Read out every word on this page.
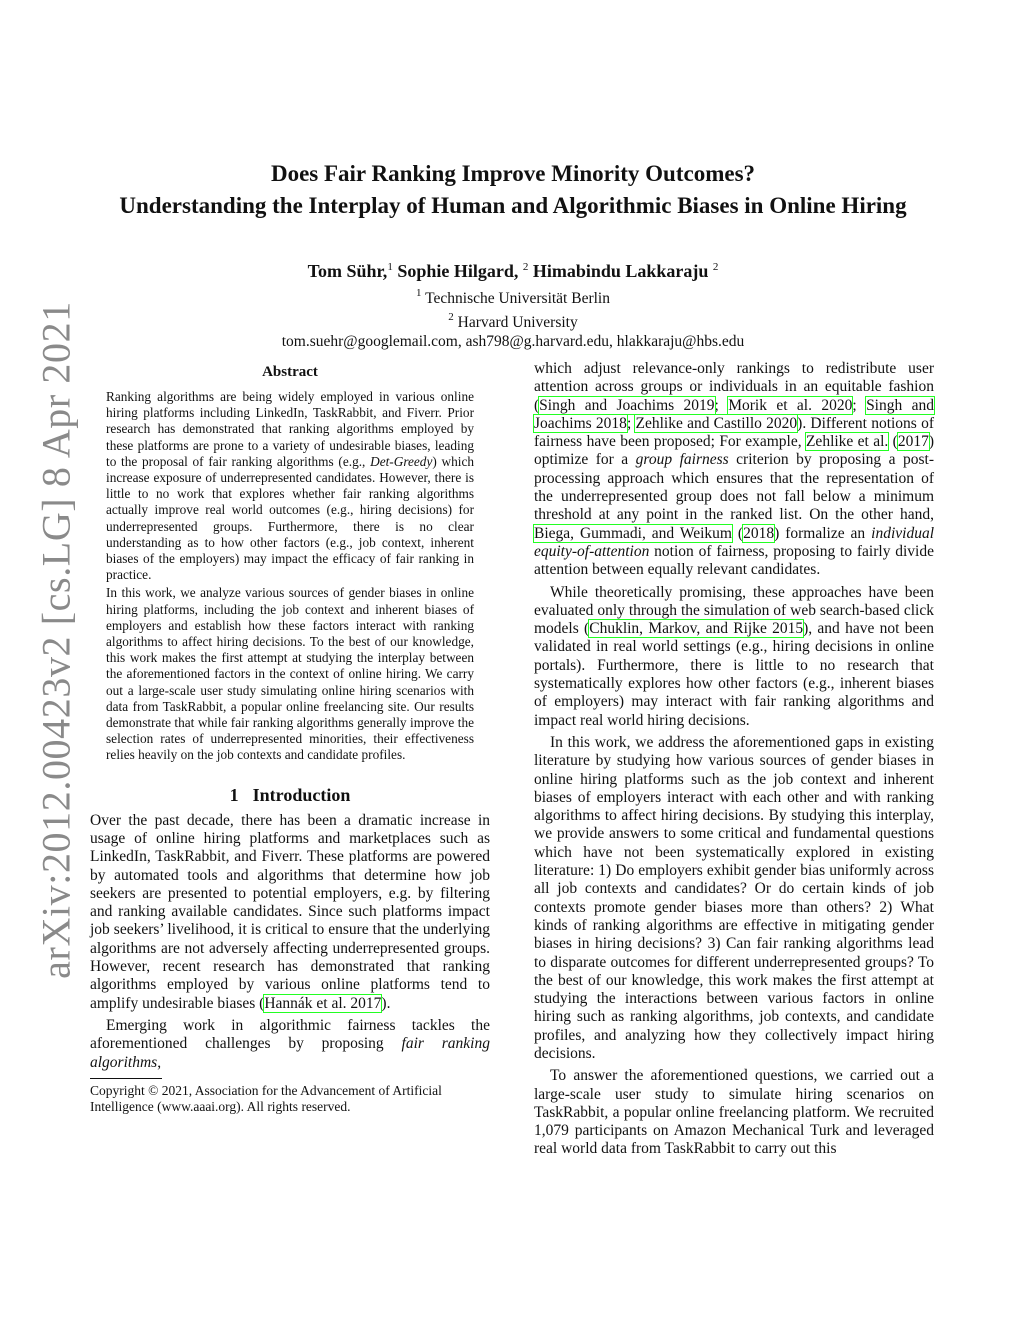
arXiv:2012.00423v2 [cs.LG] 8 Apr 2021
Does Fair Ranking Improve Minority Outcomes?
Understanding the Interplay of Human and Algorithmic Biases in Online Hiring
Tom Sühr,$^1$ Sophie Hilgard, $^2$ Himabindu Lakkaraju $^2$
$^1$ Technische Universität Berlin
$^2$ Harvard University
tom.suehr@googlemail.com, ash798@g.harvard.edu, hlakkaraju@hbs.edu
Abstract

Ranking algorithms are being widely employed in various online hiring platforms including LinkedIn, TaskRabbit, and Fiverr. Prior research has demonstrated that ranking algorithms employed by these platforms are prone to a variety of undesirable biases, leading to the proposal of fair ranking algorithms (e.g., Det-Greedy) which increase exposure of underrepresented candidates. However, there is little to no work that explores whether fair ranking algorithms actually improve real world outcomes (e.g., hiring decisions) for underrepresented groups. Furthermore, there is no clear understanding as to how other factors (e.g., job context, inherent biases of the employers) may impact the efficacy of fair ranking in practice.

In this work, we analyze various sources of gender biases in online hiring platforms, including the job context and inherent biases of employers and establish how these factors interact with ranking algorithms to affect hiring decisions. To the best of our knowledge, this work makes the first attempt at studying the interplay between the aforementioned factors in the context of online hiring. We carry out a large-scale user study simulating online hiring scenarios with data from TaskRabbit, a popular online freelancing site. Our results demonstrate that while fair ranking algorithms generally improve the selection rates of underrepresented minorities, their effectiveness relies heavily on the job contexts and candidate profiles.

1 Introduction

Over the past decade, there has been a dramatic increase in usage of online hiring platforms and marketplaces such as LinkedIn, TaskRabbit, and Fiverr. These platforms are powered by automated tools and algorithms that determine how job seekers are presented to potential employers, e.g. by filtering and ranking available candidates. Since such platforms impact job seekers’ livelihood, it is critical to ensure that the underlying algorithms are not adversely affecting underrepresented groups. However, recent research has demonstrated that ranking algorithms employed by various online platforms tend to amplify undesirable biases (Hannák et al. 2017).

Emerging work in algorithmic fairness tackles the aforementioned challenges by proposing fair ranking algorithms,

Copyright © 2021, Association for the Advancement of Artificial Intelligence (www.aaai.org). All rights reserved.

which adjust relevance-only rankings to redistribute user attention across groups or individuals in an equitable fashion (Singh and Joachims 2019; Morik et al. 2020; Singh and Joachims 2018; Zehlike and Castillo 2020). Different notions of fairness have been proposed; For example, Zehlike et al. (2017) optimize for a group fairness criterion by proposing a post-processing approach which ensures that the representation of the underrepresented group does not fall below a minimum threshold at any point in the ranked list. On the other hand, Biega, Gummadi, and Weikum (2018) formalize an individual equity-of-attention notion of fairness, proposing to fairly divide attention between equally relevant candidates.

While theoretically promising, these approaches have been evaluated only through the simulation of web search-based click models (Chuklin, Markov, and Rijke 2015), and have not been validated in real world settings (e.g., hiring decisions in online portals). Furthermore, there is little to no research that systematically explores how other factors (e.g., inherent biases of employers) may interact with fair ranking algorithms and impact real world hiring decisions.

In this work, we address the aforementioned gaps in existing literature by studying how various sources of gender biases in online hiring platforms such as the job context and inherent biases of employers interact with each other and with ranking algorithms to affect hiring decisions. By studying this interplay, we provide answers to some critical and fundamental questions which have not been systematically explored in existing literature: 1) Do employers exhibit gender bias uniformly across all job contexts and candidates? Or do certain kinds of job contexts promote gender biases more than others? 2) What kinds of ranking algorithms are effective in mitigating gender biases in hiring decisions? 3) Can fair ranking algorithms lead to disparate outcomes for different underrepresented groups? To the best of our knowledge, this work makes the first attempt at studying the interactions between various factors in online hiring such as ranking algorithms, job contexts, and candidate profiles, and analyzing how they collectively impact hiring decisions.

To answer the aforementioned questions, we carried out a large-scale user study to simulate hiring scenarios on TaskRabbit, a popular online freelancing platform. We recruited 1,079 participants on Amazon Mechanical Turk and leveraged real world data from TaskRabbit to carry out this
